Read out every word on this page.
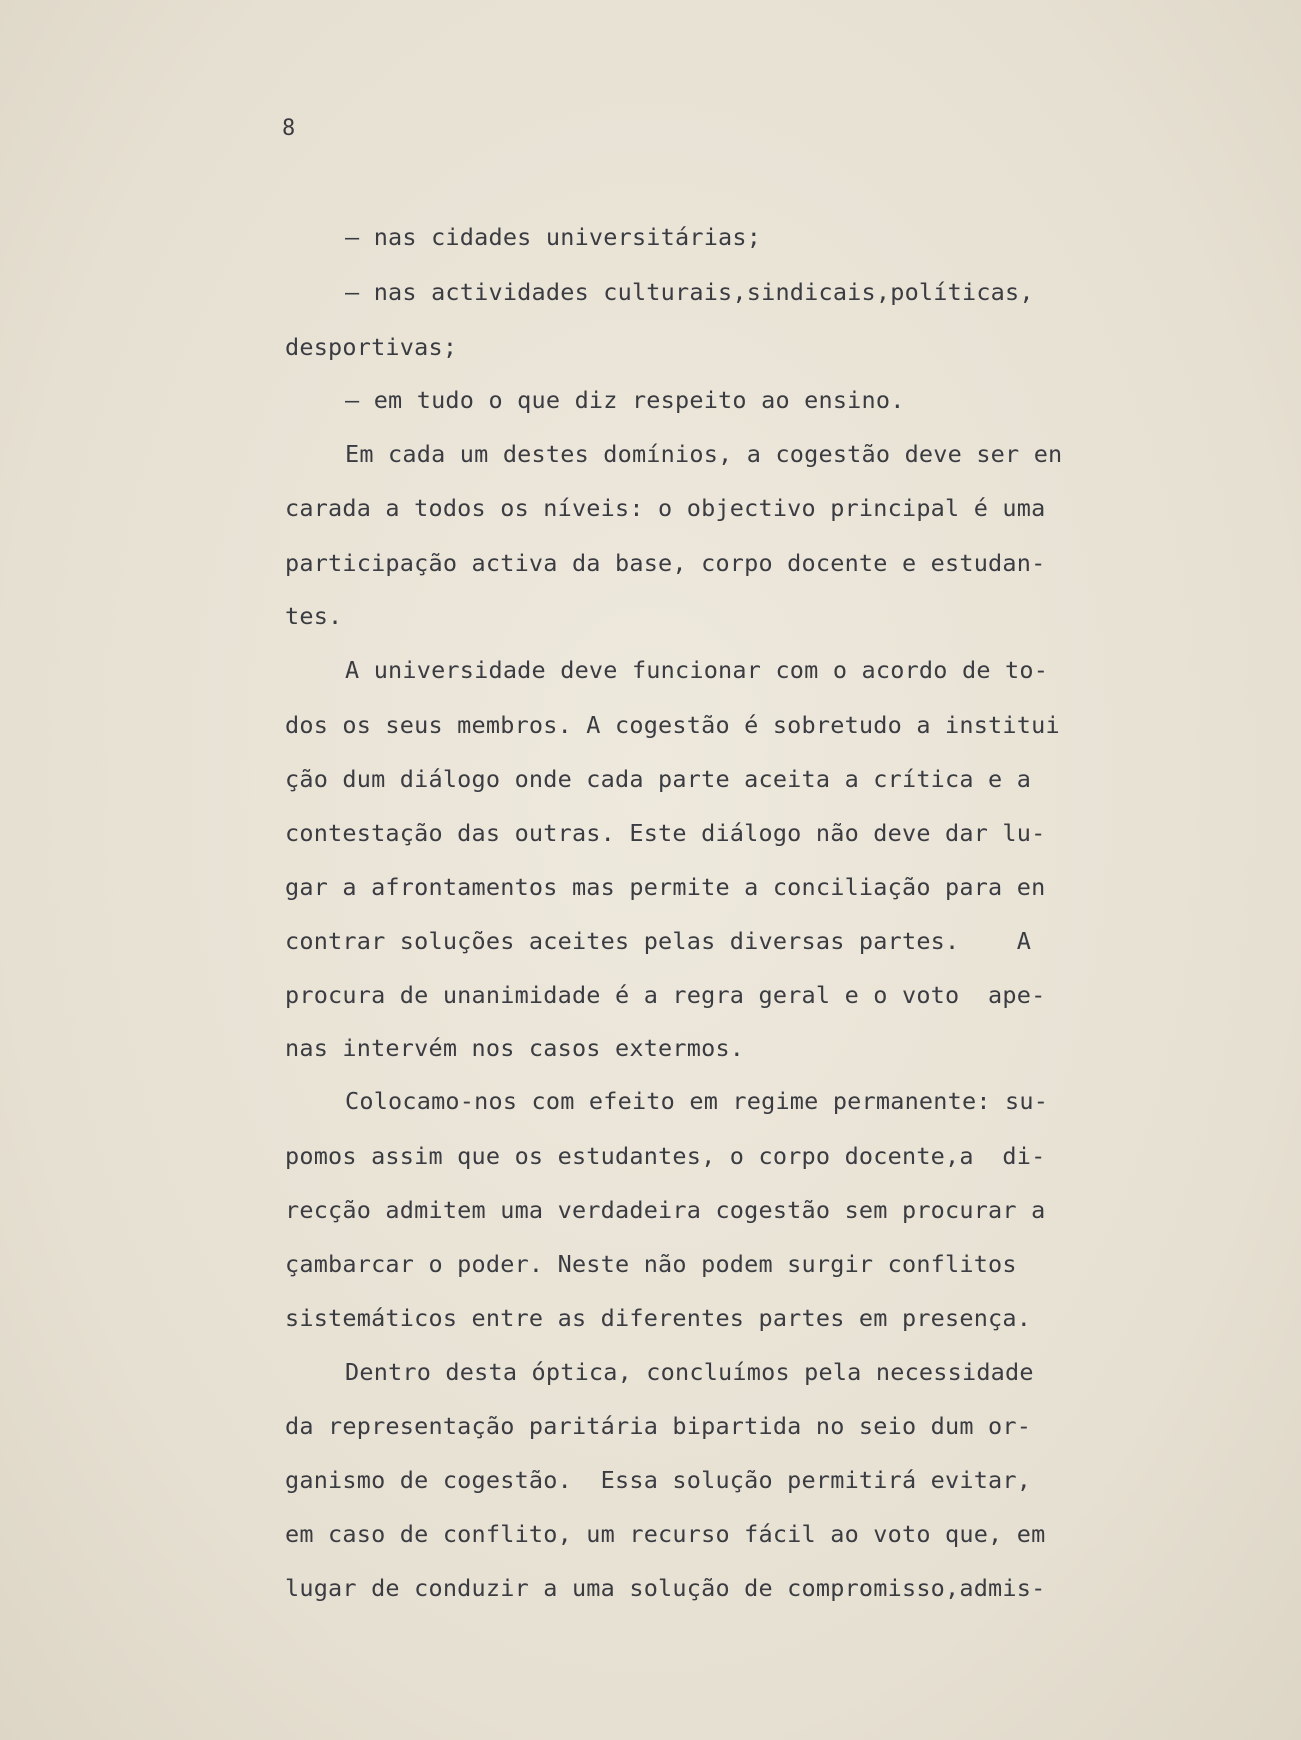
8
— nas cidades universitárias;
— nas actividades culturais,sindicais,políticas,
desportivas;
— em tudo o que diz respeito ao ensino.
Em cada um destes domínios, a cogestão deve ser en
carada a todos os níveis: o objectivo principal é uma
participação activa da base, corpo docente e estudan-
tes.
A universidade deve funcionar com o acordo de to-
dos os seus membros. A cogestão é sobretudo a institui
ção dum diálogo onde cada parte aceita a crítica e a
contestação das outras. Este diálogo não deve dar lu-
gar a afrontamentos mas permite a conciliação para en
contrar soluções aceites pelas diversas partes.    A
procura de unanimidade é a regra geral e o voto  ape-
nas intervém nos casos extermos.
Colocamo-nos com efeito em regime permanente: su-
pomos assim que os estudantes, o corpo docente,a  di-
recção admitem uma verdadeira cogestão sem procurar a
çambarcar o poder. Neste não podem surgir conflitos
sistemáticos entre as diferentes partes em presença.
Dentro desta óptica, concluímos pela necessidade
da representação paritária bipartida no seio dum or-
ganismo de cogestão.  Essa solução permitirá evitar,
em caso de conflito, um recurso fácil ao voto que, em
lugar de conduzir a uma solução de compromisso,admis-
